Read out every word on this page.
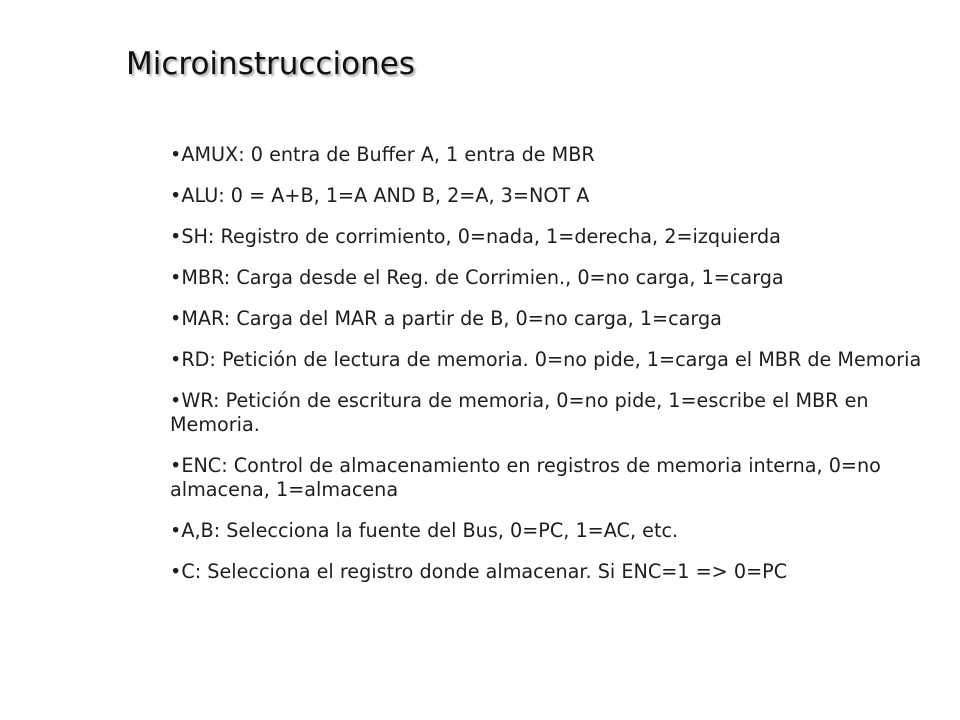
Microinstrucciones
•AMUX: 0 entra de Buffer A, 1 entra de MBR
•ALU: 0 = A+B, 1=A AND B, 2=A, 3=NOT A
•SH: Registro de corrimiento, 0=nada, 1=derecha, 2=izquierda
•MBR: Carga desde el Reg. de Corrimien., 0=no carga, 1=carga
•MAR: Carga del MAR a partir de B, 0=no carga, 1=carga
•RD: Petición de lectura de memoria. 0=no pide, 1=carga el MBR de Memoria
•WR: Petición de escritura de memoria, 0=no pide, 1=escribe el MBR en Memoria.
•ENC: Control de almacenamiento en registros de memoria interna, 0=no almacena, 1=almacena
•A,B: Selecciona la fuente del Bus, 0=PC, 1=AC, etc.
•C: Selecciona el registro donde almacenar. Si ENC=1 => 0=PC
